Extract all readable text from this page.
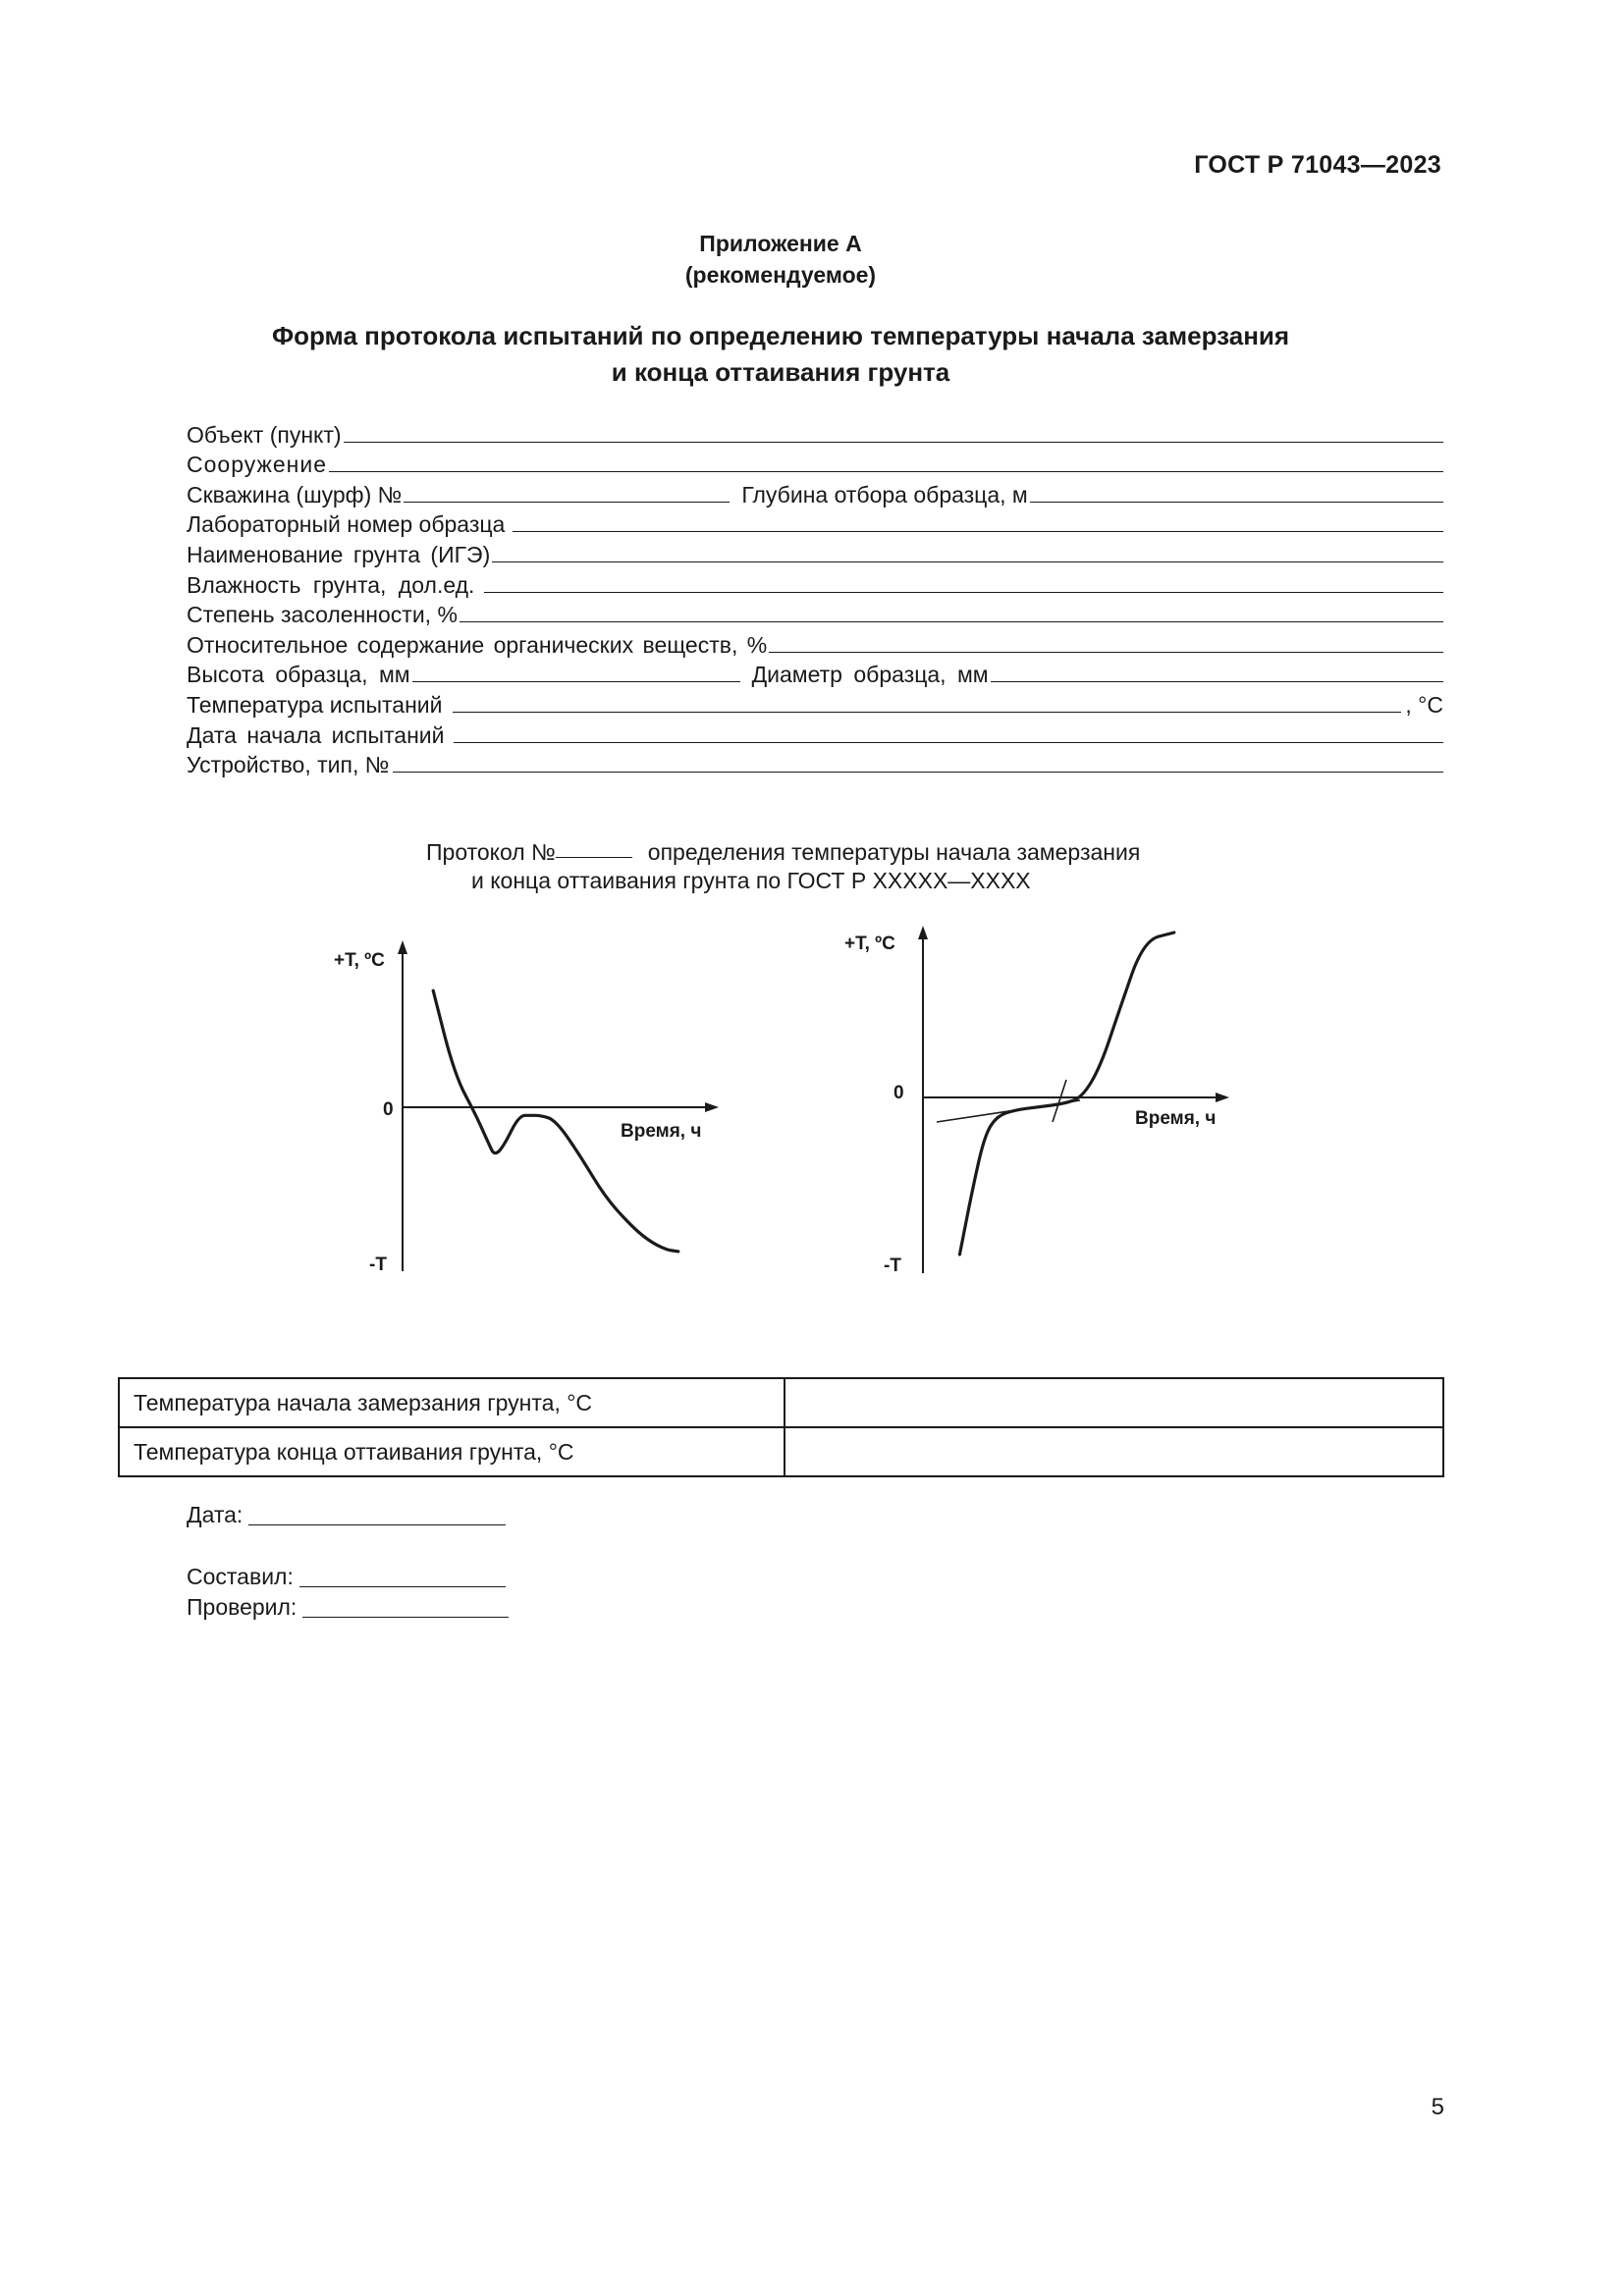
ГОСТ Р 71043—2023
Приложение А
(рекомендуемое)
Форма протокола испытаний по определению температуры начала замерзания
и конца оттаивания грунта
Объект (пункт)
Сооружение
Скважина (шурф) №	Глубина отбора образца, м
Лабораторный номер образца
Наименование грунта (ИГЭ)
Влажность грунта, дол.ед.
Степень засоленности, %
Относительное содержание органических веществ, %
Высота образца, мм	Диаметр образца, мм
Температура испытаний	, °С
Дата начала испытаний
Устройство, тип, №
Протокол №	определения температуры начала замерзания
и конца оттаивания грунта по ГОСТ Р ХХХХХ—ХХХХ
+T, ºC
0
-T
Время, ч
+T, ºC
0
-T
Время, ч
Температура начала замерзания грунта, °С	
Температура конца оттаивания грунта, °С	
Дата:
Составил:
Проверил:
5
